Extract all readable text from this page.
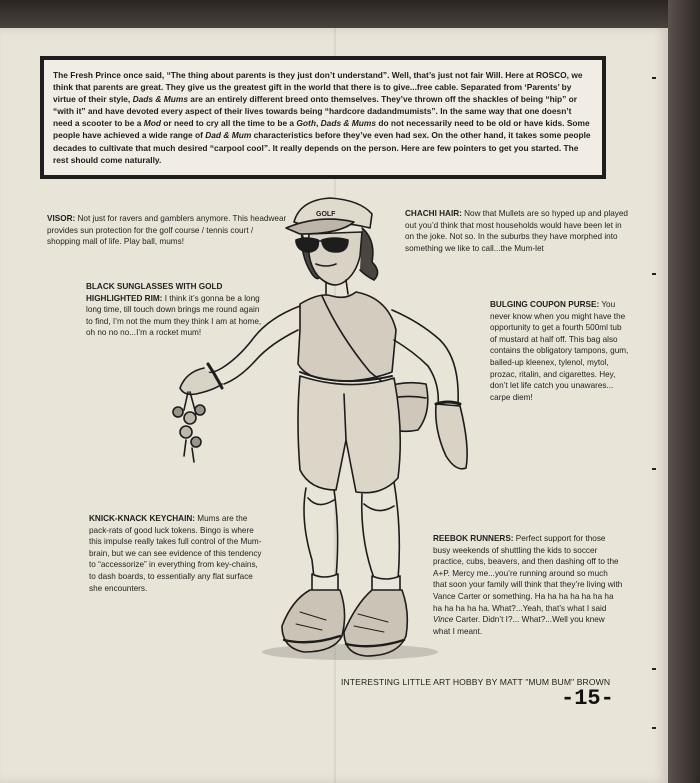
The Fresh Prince once said, “The thing about parents is they just don’t understand”. Well, that’s just not fair Will. Here at ROSCO, we think that parents are great. They give us the greatest gift in the world that there is to give...free cable. Separated from ‘Parents’ by virtue of their style, Dads & Mums are an entirely different breed onto themselves. They’ve thrown off the shackles of being “hip” or “with it” and have devoted every aspect of their lives towards being “hardcore dadandmumists”. In the same way that one doesn’t need a scooter to be a Mod or need to cry all the time to be a Goth, Dads & Mums do not necessarily need to be old or have kids. Some people have achieved a wide range of Dad & Mum characteristics before they’ve even had sex. On the other hand, it takes some people decades to cultivate that much desired “carpool cool”. It really depends on the person. Here are few pointers to get you started. The rest should come naturally.

GOLF
VISOR: Not just for ravers and gamblers anymore. This headwear provides sun protection for the golf course / tennis court / shopping mall of life. Play ball, mums!
CHACHI HAIR: Now that Mullets are so hyped up and played out you’d think that most households would have been let in on the joke. Not so. In the suburbs they have morphed into something we like to call...the Mum-let
BLACK SUNGLASSES WITH GOLD HIGHLIGHTED RIM: I think it’s gonna be a long long time, till touch down brings me round again to find, I’m not the mum they think I am at home, oh no no no...I’m a rocket mum!
BULGING COUPON PURSE: You never know when you might have the opportunity to get a fourth 500ml tub of mustard at half off. This bag also contains the obligatory tampons, gum, balled-up kleenex, tylenol, mytol, prozac, ritalin, and cigarettes. Hey, don’t let life catch you unawares... carpe diem!
KNICK-KNACK KEYCHAIN: Mums are the pack-rats of good luck tokens. Bingo is where this impulse really takes full control of the Mum-brain, but we can see evidence of this tendency to “accessorize” in everything from key-chains, to dash boards, to essentially any flat surface she encounters.
REEBOK RUNNERS: Perfect support for those busy weekends of shuttling the kids to soccer practice, cubs, beavers, and then dashing off to the A+P. Mercy me...you’re running around so much that soon your family will think that they’re living with Vance Carter or something. Ha ha ha ha ha ha ha ha ha ha ha ha. What?...Yeah, that’s what I said Vince Carter. Didn’t I?... What?...Well you knew what I meant.
INTERESTING LITTLE ART HOBBY BY MATT "MUM BUM" BROWN
-15-
